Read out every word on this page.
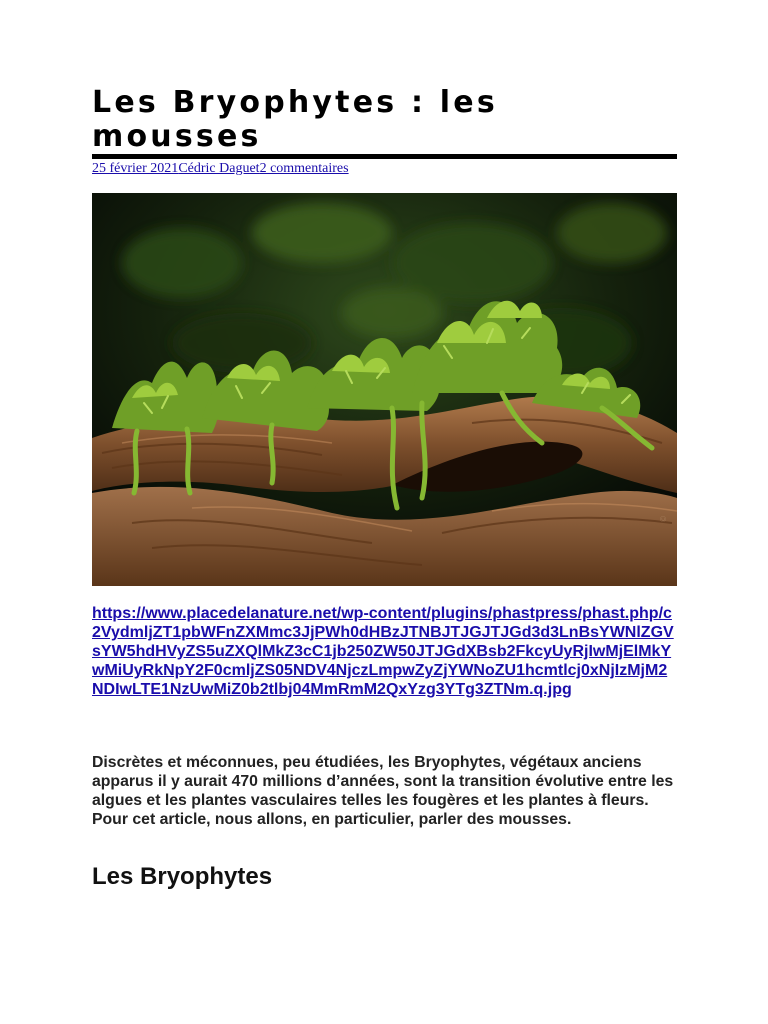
Les Bryophytes : les mousses
25 février 2021Cédric Daguet2 commentaires
©
https://www.placedelanature.net/wp-content/plugins/phastpress/phast.php/c2VydmljZT1pbWFnZXMmc3JjPWh0dHBzJTNBJTJGJTJGd3d3LnBsYWNlZGVsYW5hdHVyZS5uZXQlMkZ3cC1jb250ZW50JTJGdXBsb2FkcyUyRjIwMjElMkYwMiUyRkNpY2F0cmljZS05NDV4NjczLmpwZyZjYWNoZU1hcmtlcj0xNjIzMjM2NDIwLTE1NzUwMiZ0b2tlbj04MmRmM2QxYzg3YTg3ZTNm.q.jpg

Discrètes et méconnues, peu étudiées, les Bryophytes, végétaux anciens apparus il y aurait 470 millions d’années, sont la transition évolutive entre les algues et les plantes vasculaires telles les fougères et les plantes à fleurs. Pour cet article, nous allons, en particulier, parler des mousses.

Les Bryophytes
